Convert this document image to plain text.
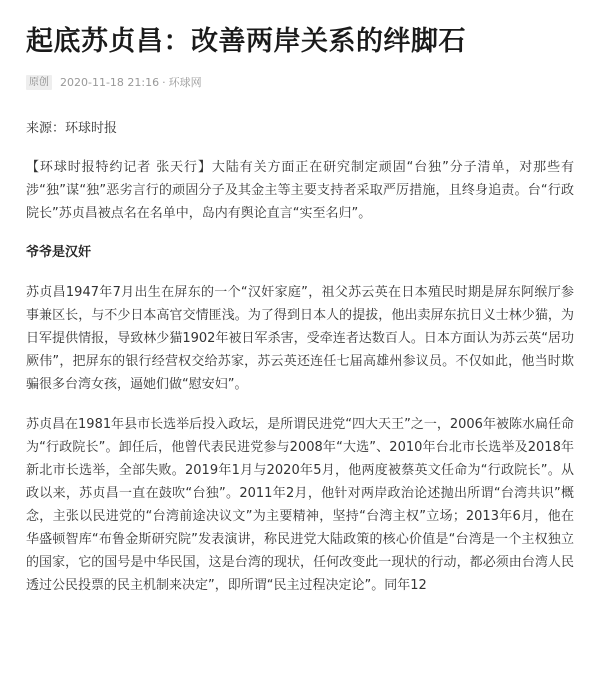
起底苏贞昌：改善两岸关系的绊脚石
原创 2020-11-18 21:16 · 环球网
来源：环球时报

【环球时报特约记者 张天行】大陆有关方面正在研究制定顽固“台独”分子清单，对那些有涉“独”谋“独”恶劣言行的顽固分子及其金主等主要支持者采取严厉措施，且终身追责。台“行政院长”苏贞昌被点名在名单中，岛内有舆论直言“实至名归”。

爷爷是汉奸

苏贞昌1947年7月出生在屏东的一个“汉奸家庭”，祖父苏云英在日本殖民时期是屏东阿缑厅参事兼区长，与不少日本高官交情匪浅。为了得到日本人的提拔，他出卖屏东抗日义士林少猫，为日军提供情报，导致林少猫1902年被日军杀害，受牵连者达数百人。日本方面认为苏云英“居功厥伟”，把屏东的银行经营权交给苏家，苏云英还连任七届高雄州参议员。不仅如此，他当时欺骗很多台湾女孩，逼她们做“慰安妇”。

苏贞昌在1981年县市长选举后投入政坛，是所谓民进党“四大天王”之一，2006年被陈水扁任命为“行政院长”。卸任后，他曾代表民进党参与2008年“大选”、2010年台北市长选举及2018年新北市长选举，全部失败。2019年1月与2020年5月，他两度被蔡英文任命为“行政院长”。从政以来，苏贞昌一直在鼓吹“台独”。2011年2月，他针对两岸政治论述抛出所谓“台湾共识”概念，主张以民进党的“台湾前途决议文”为主要精神，坚持“台湾主权”立场；2013年6月，他在华盛顿智库“布鲁金斯研究院”发表演讲，称民进党大陆政策的核心价值是“台湾是一个主权独立的国家，它的国号是中华民国，这是台湾的现状，任何改变此一现状的行动，都必须由台湾人民透过公民投票的民主机制来决定”，即所谓“民主过程决定论”。同年12
